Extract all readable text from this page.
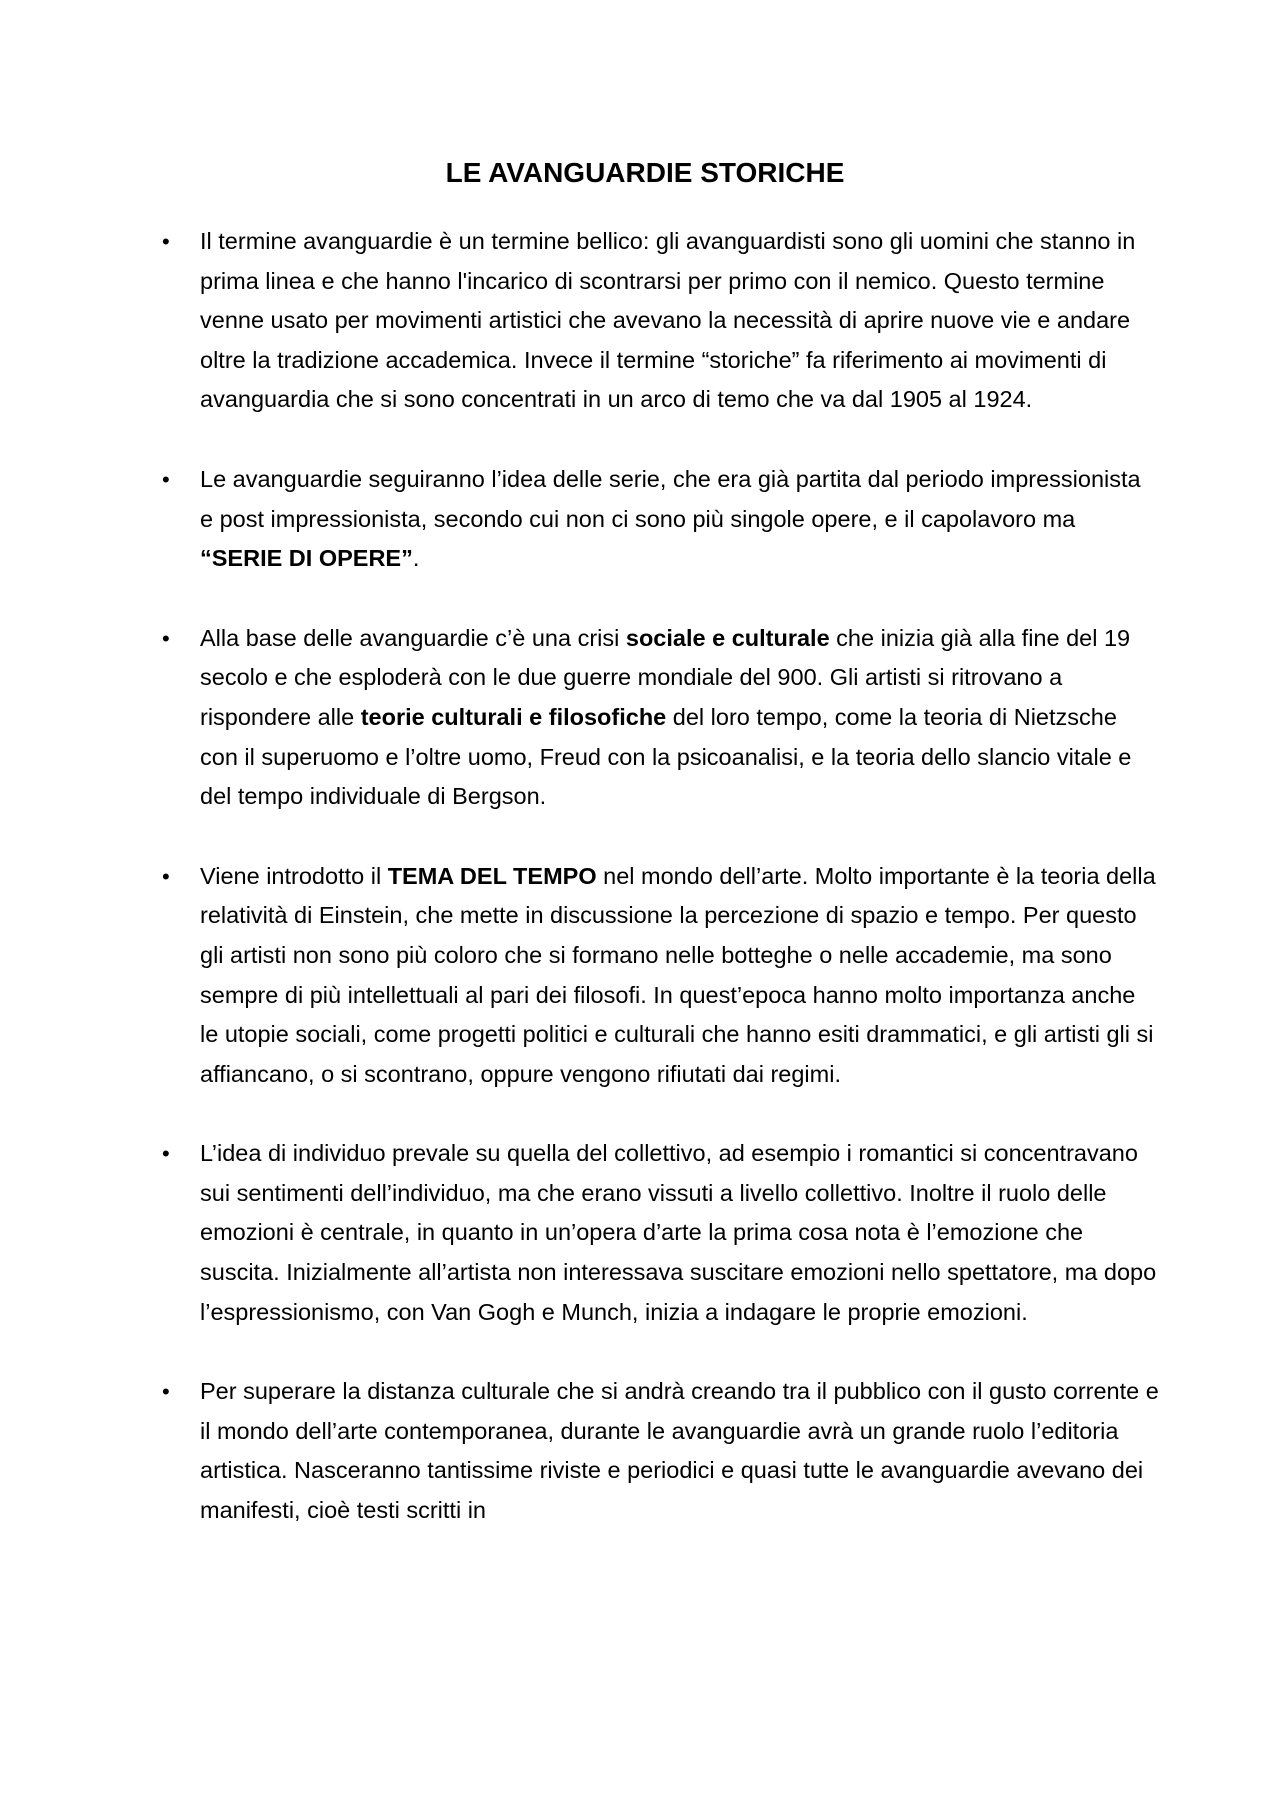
LE AVANGUARDIE STORICHE
• Il termine avanguardie è un termine bellico: gli avanguardisti sono gli uomini che stanno in prima linea e che hanno l'incarico di scontrarsi per primo con il nemico. Questo termine venne usato per movimenti artistici che avevano la necessità di aprire nuove vie e andare oltre la tradizione accademica. Invece il termine “storiche” fa riferimento ai movimenti di avanguardia che si sono concentrati in un arco di temo che va dal 1905 al 1924.
• Le avanguardie seguiranno l’idea delle serie, che era già partita dal periodo impressionista e post impressionista, secondo cui non ci sono più singole opere, e il capolavoro ma “SERIE DI OPERE”.
• Alla base delle avanguardie c’è una crisi sociale e culturale che inizia già alla fine del 19 secolo e che esploderà con le due guerre mondiale del 900. Gli artisti si ritrovano a rispondere alle teorie culturali e filosofiche del loro tempo, come la teoria di Nietzsche con il superuomo e l’oltre uomo, Freud con la psicoanalisi, e la teoria dello slancio vitale e del tempo individuale di Bergson.
• Viene introdotto il TEMA DEL TEMPO nel mondo dell’arte. Molto importante è la teoria della relatività di Einstein, che mette in discussione la percezione di spazio e tempo. Per questo gli artisti non sono più coloro che si formano nelle botteghe o nelle accademie, ma sono sempre di più intellettuali al pari dei filosofi. In quest’epoca hanno molto importanza anche le utopie sociali, come progetti politici e culturali che hanno esiti drammatici, e gli artisti gli si affiancano, o si scontrano, oppure vengono rifiutati dai regimi.
• L’idea di individuo prevale su quella del collettivo, ad esempio i romantici si concentravano sui sentimenti dell’individuo, ma che erano vissuti a livello collettivo. Inoltre il ruolo delle emozioni è centrale, in quanto in un’opera d’arte la prima cosa nota è l’emozione che suscita. Inizialmente all’artista non interessava suscitare emozioni nello spettatore, ma dopo l’espressionismo, con Van Gogh e Munch, inizia a indagare le proprie emozioni.
• Per superare la distanza culturale che si andrà creando tra il pubblico con il gusto corrente e il mondo dell’arte contemporanea, durante le avanguardie avrà un grande ruolo l’editoria artistica. Nasceranno tantissime riviste e periodici e quasi tutte le avanguardie avevano dei manifesti, cioè testi scritti in
